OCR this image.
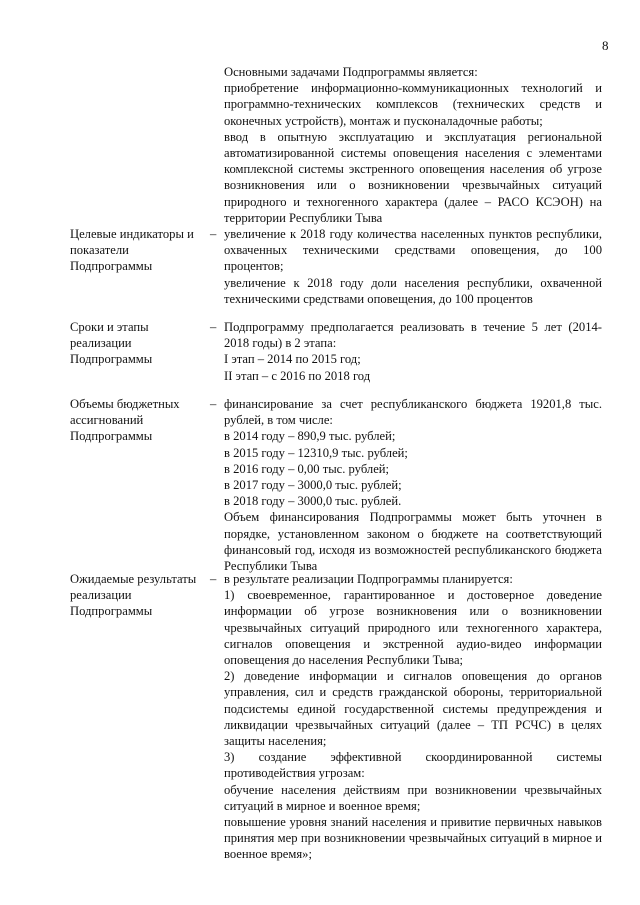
8

Основными задачами Подпрограммы является:

приобретение информационно-коммуникационных технологий и программно-технических комплексов (технических средств и оконечных устройств), монтаж и пусконаладочные работы;

ввод в опытную эксплуатацию и эксплуатация региональной автоматизированной системы оповещения населения с элементами комплексной системы экстренного оповещения населения об угрозе возникновения или о возникновении чрезвычайных ситуаций природного и техногенного характера (далее – РАСО КСЭОН) на территории Республики Тыва

Целевые индикаторы и показатели Подпрограммы
– увеличение к 2018 году количества населенных пунктов республики, охваченных техническими средствами оповещения, до 100 процентов;

увеличение к 2018 году доли населения республики, охваченной техническими средствами оповещения, до 100 процентов

Сроки и этапы реализации Подпрограммы
– Подпрограмму предполагается реализовать в течение 5 лет (2014-2018 годы) в 2 этапа:

I этап – 2014 по 2015 год;

II этап – с 2016 по 2018 год

Объемы бюджетных ассигнований Подпрограммы
– финансирование за счет республиканского бюджета 19201,8 тыс. рублей, в том числе:

в 2014 году – 890,9 тыс. рублей;

в 2015 году – 12310,9 тыс. рублей;

в 2016 году – 0,00 тыс. рублей;

в 2017 году – 3000,0 тыс. рублей;

в 2018 году – 3000,0 тыс. рублей.

Объем финансирования Подпрограммы может быть уточнен в порядке, установленном законом о бюджете на соответствующий финансовый год, исходя из возможностей республиканского бюджета Республики Тыва

Ожидаемые результаты реализации Подпрограммы
– в результате реализации Подпрограммы планируется:

1) своевременное, гарантированное и достоверное доведение информации об угрозе возникновения или о возникновении чрезвычайных ситуаций природного или техногенного характера, сигналов оповещения и экстренной аудио-видео информации оповещения до населения Республики Тыва;

2) доведение информации и сигналов оповещения до органов управления, сил и средств гражданской обороны, территориальной подсистемы единой государственной системы предупреждения и ликвидации чрезвычайных ситуаций (далее – ТП РСЧС) в целях защиты населения;

3) создание эффективной скоординированной системы противодействия угрозам:

обучение населения действиям при возникновении чрезвычайных ситуаций в мирное и военное время;

повышение уровня знаний населения и привитие первичных навыков принятия мер при возникновении чрезвычайных ситуаций в мирное и военное время»;
